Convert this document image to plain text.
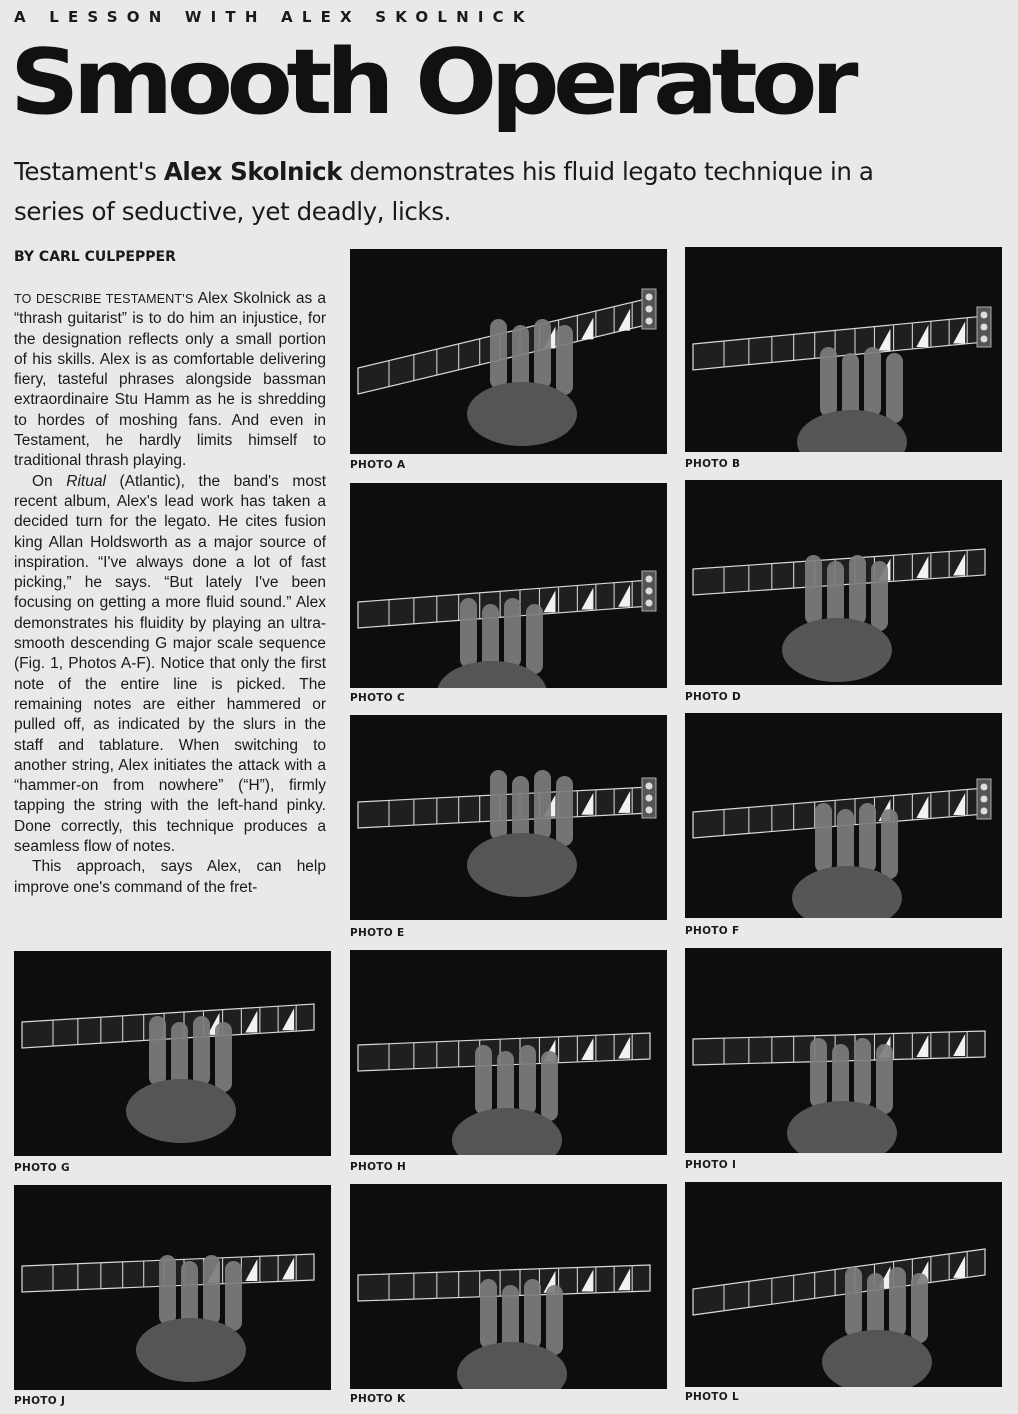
A LESSON WITH ALEX SKOLNICK
Smooth Operator

Testament's Alex Skolnick demonstrates his fluid legato technique in a series of seductive, yet deadly, licks.

BY CARL CULPEPPER

TO DESCRIBE TESTAMENT'S Alex Skolnick as a “thrash guitarist” is to do him an injustice, for the designation reflects only a small portion of his skills. Alex is as comfortable delivering fiery, tasteful phrases alongside bassman extraordinaire Stu Hamm as he is shredding to hordes of moshing fans. And even in Testament, he hardly limits himself to traditional thrash playing.

On Ritual (Atlantic), the band's most recent album, Alex's lead work has taken a decided turn for the legato. He cites fusion king Allan Holdsworth as a major source of inspiration. “I've always done a lot of fast picking,” he says. “But lately I've been focusing on getting a more fluid sound.” Alex demonstrates his fluidity by playing an ultra-smooth descending G major scale sequence (Fig. 1, Photos A-F). Notice that only the first note of the entire line is picked. The remaining notes are either hammered or pulled off, as indicated by the slurs in the staff and tablature. When switching to another string, Alex initiates the attack with a “hammer-on from nowhere” (“H”), firmly tapping the string with the left-hand pinky. Done correctly, this technique produces a seamless flow of notes.

This approach, says Alex, can help improve one's command of the fret-

PHOTO A	PHOTO B
PHOTO C	PHOTO D
PHOTO E	PHOTO F
PHOTO G	PHOTO H	PHOTO I
PHOTO J	PHOTO K	PHOTO L
